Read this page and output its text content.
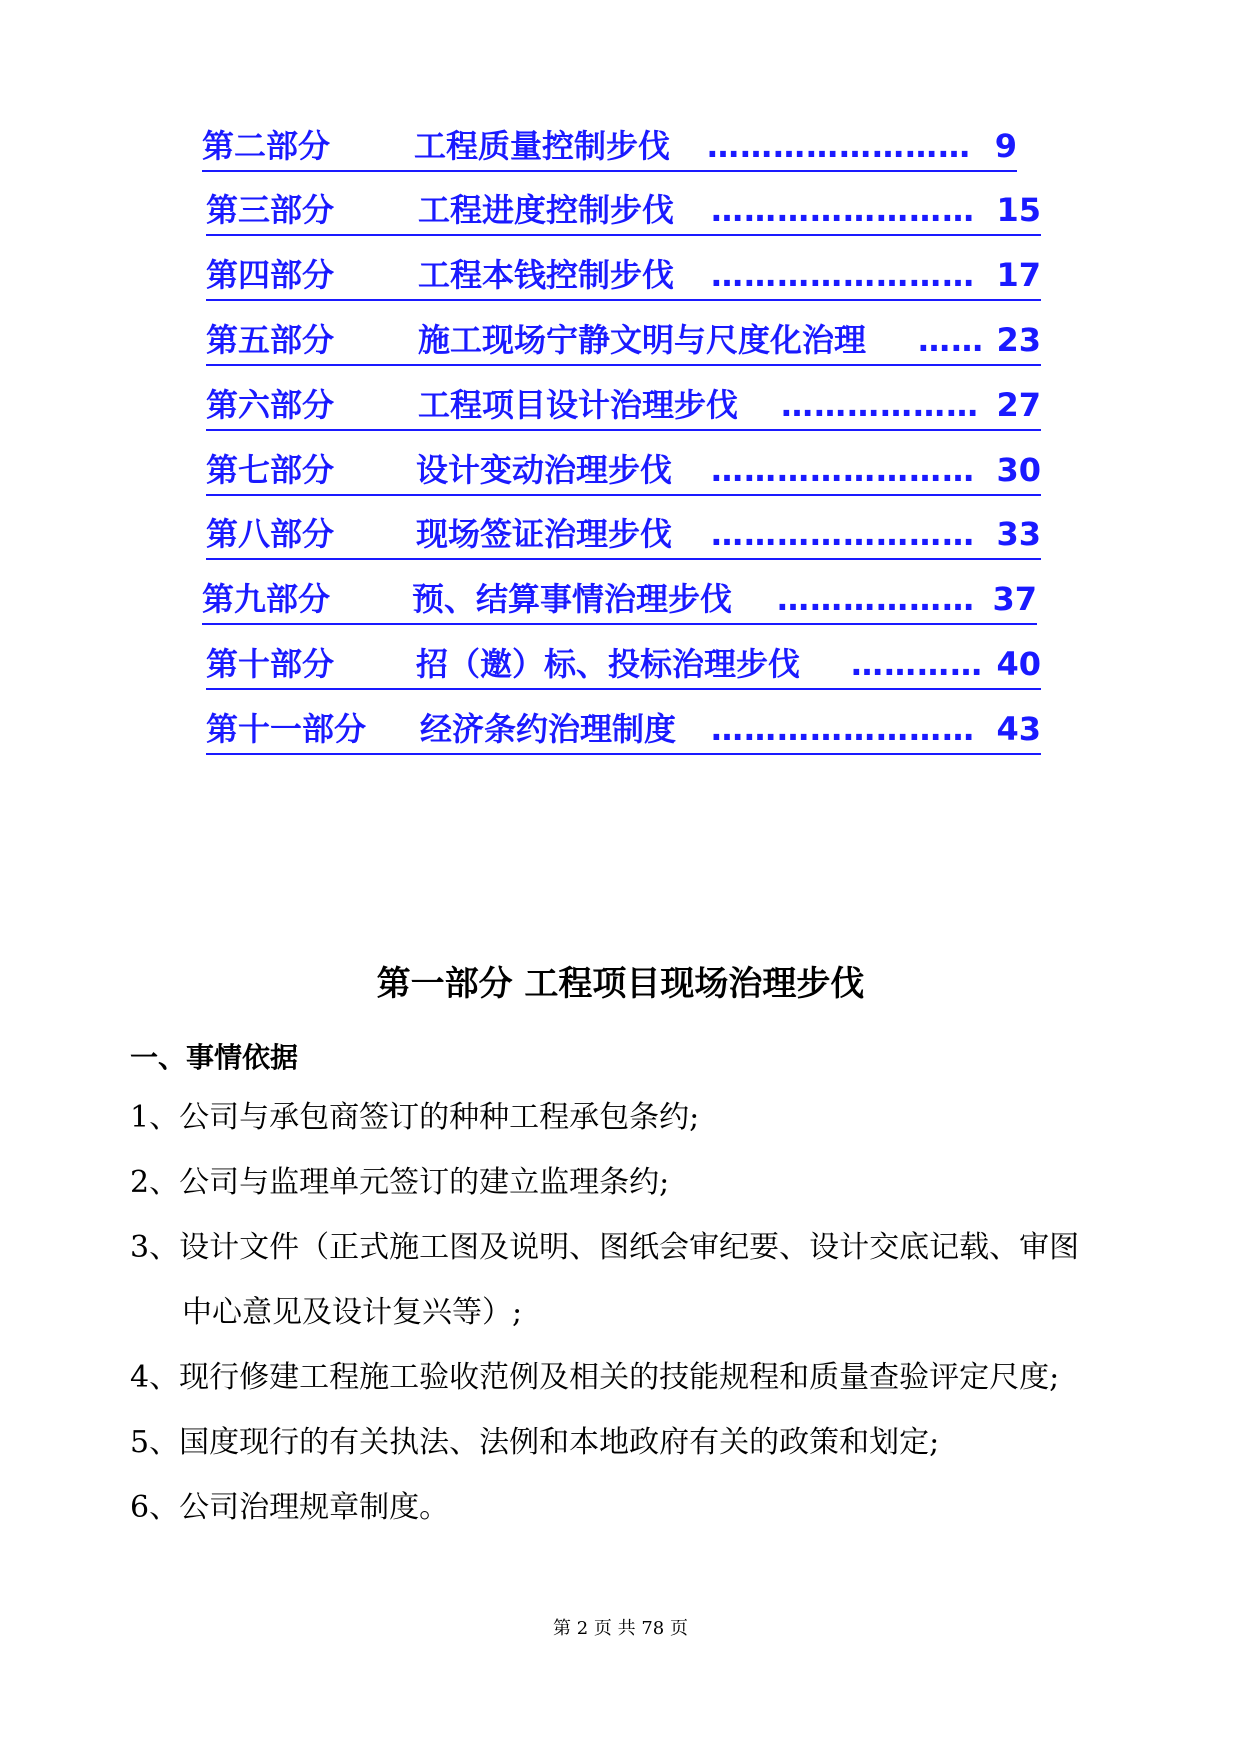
第二部分	工程质量控制步伐 …………………… 9
第三部分	工程进度控制步伐 …………………… 15
第四部分	工程本钱控制步伐 …………………… 17
第五部分	施工现场宁静文明与尺度化治理 …… 23
第六部分	工程项目设计治理步伐 ……………… 27
第七部分	设计变动治理步伐 …………………… 30
第八部分	现场签证治理步伐 …………………… 33
第九部分	预、结算事情治理步伐 ……………… 37
第十部分	招（邀）标、投标治理步伐 ………… 40
第十一部分 经济条约治理制度 …………………… 43
第一部分 工程项目现场治理步伐
一、事情依据
1、公司与承包商签订的种种工程承包条约;
2、公司与监理单元签订的建立监理条约;
3、设计文件（正式施工图及说明、图纸会审纪要、设计交底记载、审图
中心意见及设计复兴等）;
4、现行修建工程施工验收范例及相关的技能规程和质量查验评定尺度;
5、国度现行的有关执法、法例和本地政府有关的政策和划定;
6、公司治理规章制度。
第 2 页 共 78 页
